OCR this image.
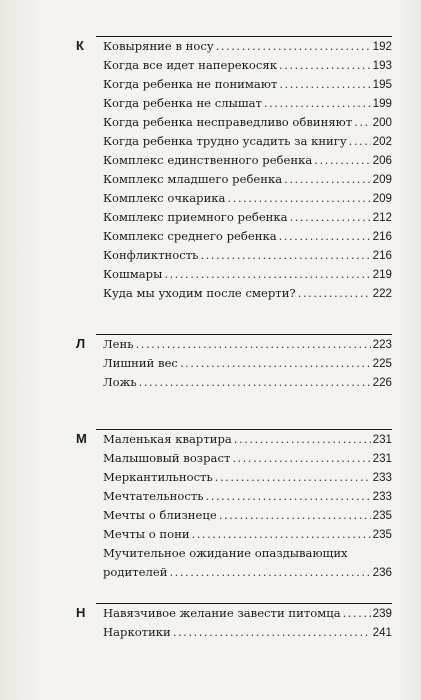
К Ковыряние в носу .....	192
Когда все идет наперекосяк .....	193
Когда ребенка не понимают .....	195
Когда ребенка не слышат .....	199
Когда ребенка несправедливо обвиняют ..... 200
Когда ребенка трудно усадить за книгу ..... 202
Комплекс единственного ребенка .....	206
Комплекс младшего ребенка .....	209
Комплекс очкарика .....	209
Комплекс приемного ребенка .....	212
Комплекс среднего ребенка .....	216
Конфликтность .....	216
Кошмары .....	219
Куда мы уходим после смерти? .....	222
Л Лень .....	223
Лишний вес .....	225
Ложь .....	226
М Маленькая квартира .....	231
Малышовый возраст .....	231
Меркантильность .....	233
Мечтательность .....	233
Мечты о близнеце .....	235
Мечты о пони .....	235
Мучительное ожидание опаздывающих
родителей .....	236
Н Навязчивое желание завести питомца .....	239
Наркотики .....	241
